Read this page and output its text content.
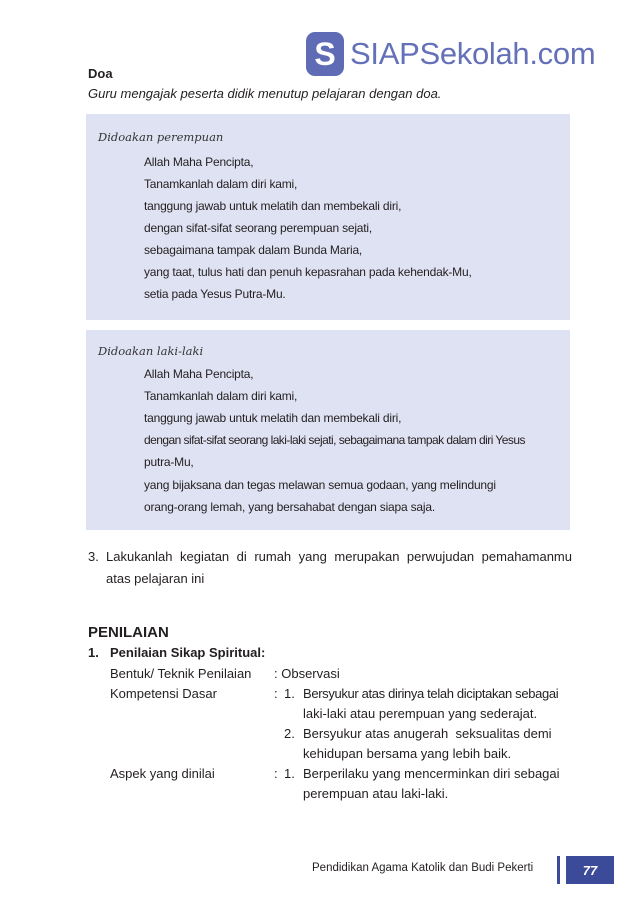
S SIAPSekolah.com
Doa
Guru mengajak peserta didik menutup pelajaran dengan doa.
Didoakan perempuan
Allah Maha Pencipta,
Tanamkanlah dalam diri kami,
tanggung jawab untuk melatih dan membekali diri,
dengan sifat-sifat seorang perempuan sejati,
sebagaimana tampak dalam Bunda Maria,
yang taat, tulus hati dan penuh kepasrahan pada kehendak-Mu,
setia pada Yesus Putra-Mu.
Didoakan laki-laki
Allah Maha Pencipta,
Tanamkanlah dalam diri kami,
tanggung jawab untuk melatih dan membekali diri,
dengan sifat-sifat seorang laki-laki sejati, sebagaimana tampak dalam diri Yesus
putra-Mu,
yang bijaksana dan tegas melawan semua godaan, yang melindungi
orang-orang lemah, yang bersahabat dengan siapa saja.
3. Lakukanlah kegiatan di rumah yang merupakan perwujudan pemahamanmu atas pelajaran ini
PENILAIAN
1. Penilaian Sikap Spiritual:
Bentuk/ Teknik Penilaian : Observasi
Kompetensi Dasar	: 1. Bersyukur atas dirinya telah diciptakan sebagai
laki-laki atau perempuan yang sederajat.
2. Bersyukur atas anugerah  seksualitas demi
kehidupan bersama yang lebih baik.
Aspek yang dinilai	: 1. Berperilaku yang mencerminkan diri sebagai
perempuan atau laki-laki.
Pendidikan Agama Katolik dan Budi Pekerti	77
